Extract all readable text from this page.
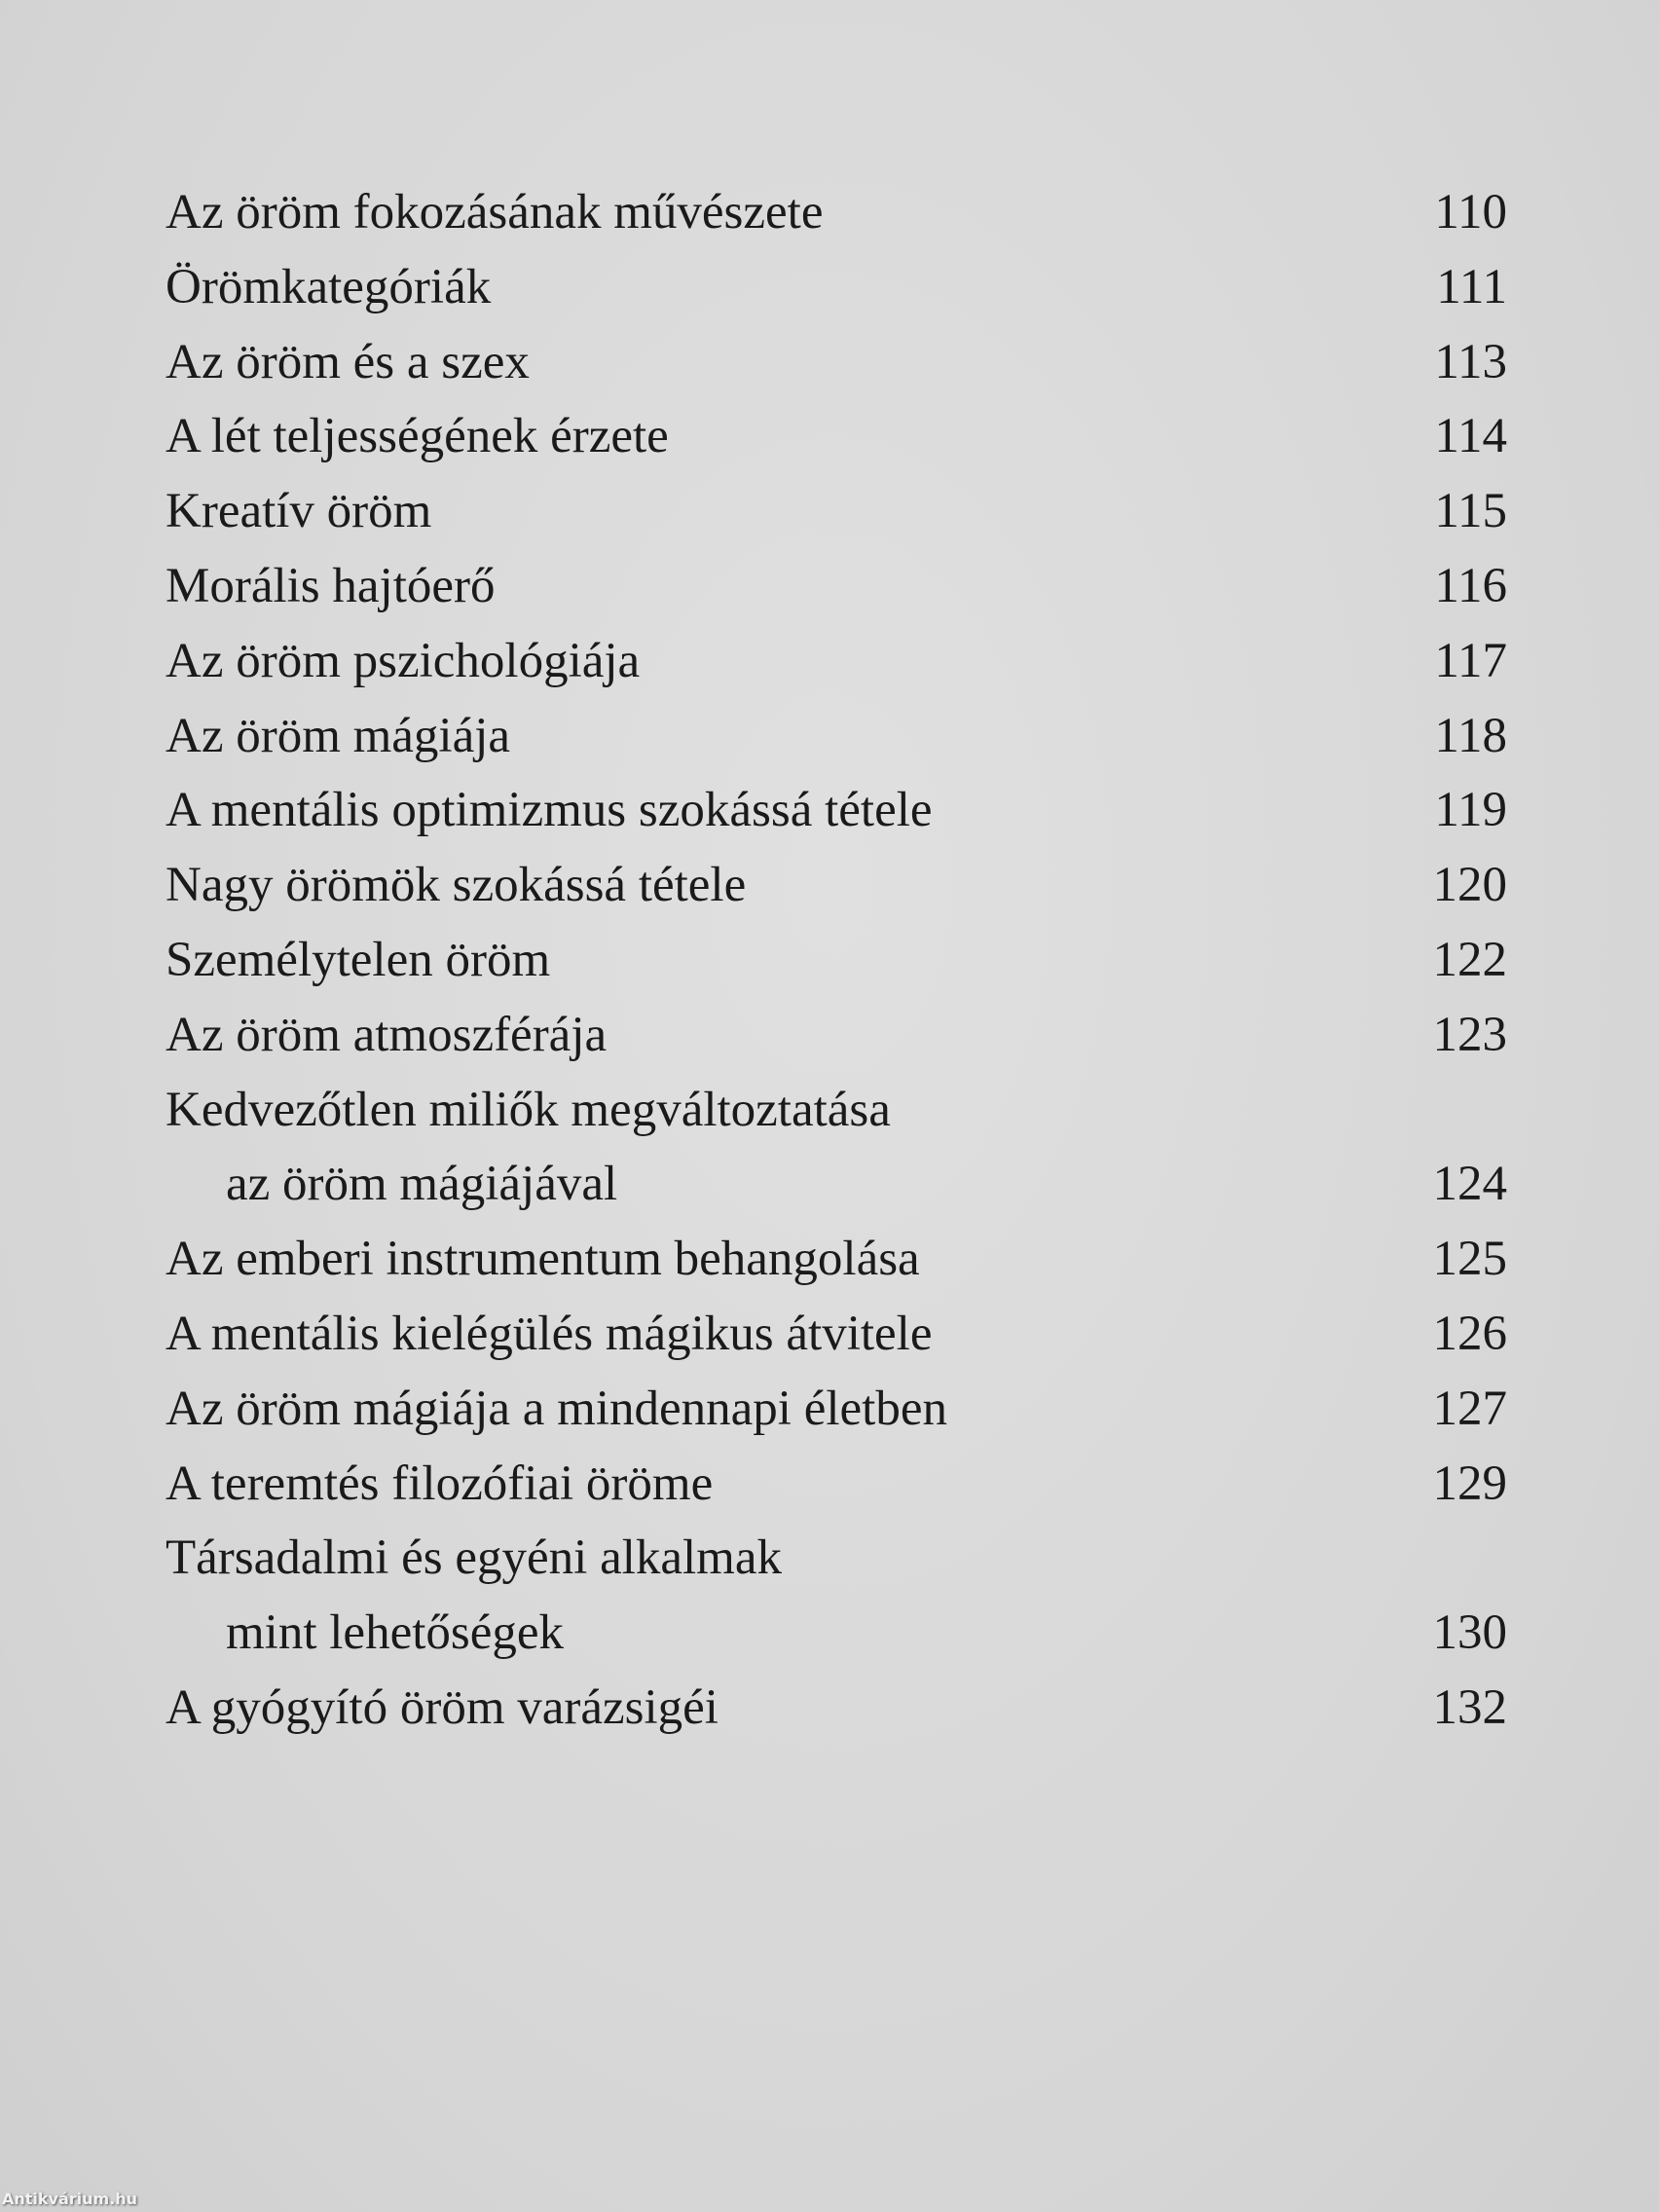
Az öröm fokozásának művészete	110
Örömkategóriák	111
Az öröm és a szex	113
A lét teljességének érzete	114
Kreatív öröm	115
Morális hajtóerő	116
Az öröm pszichológiája	117
Az öröm mágiája	118
A mentális optimizmus szokássá tétele	119
Nagy örömök szokássá tétele	120
Személytelen öröm	122
Az öröm atmoszférája	123
Kedvezőtlen miliők megváltoztatása
az öröm mágiájával	124
Az emberi instrumentum behangolása	125
A mentális kielégülés mágikus átvitele	126
Az öröm mágiája a mindennapi életben	127
A teremtés filozófiai öröme	129
Társadalmi és egyéni alkalmak
mint lehetőségek	130
A gyógyító öröm varázsigéi	132
Antikvárium.hu
